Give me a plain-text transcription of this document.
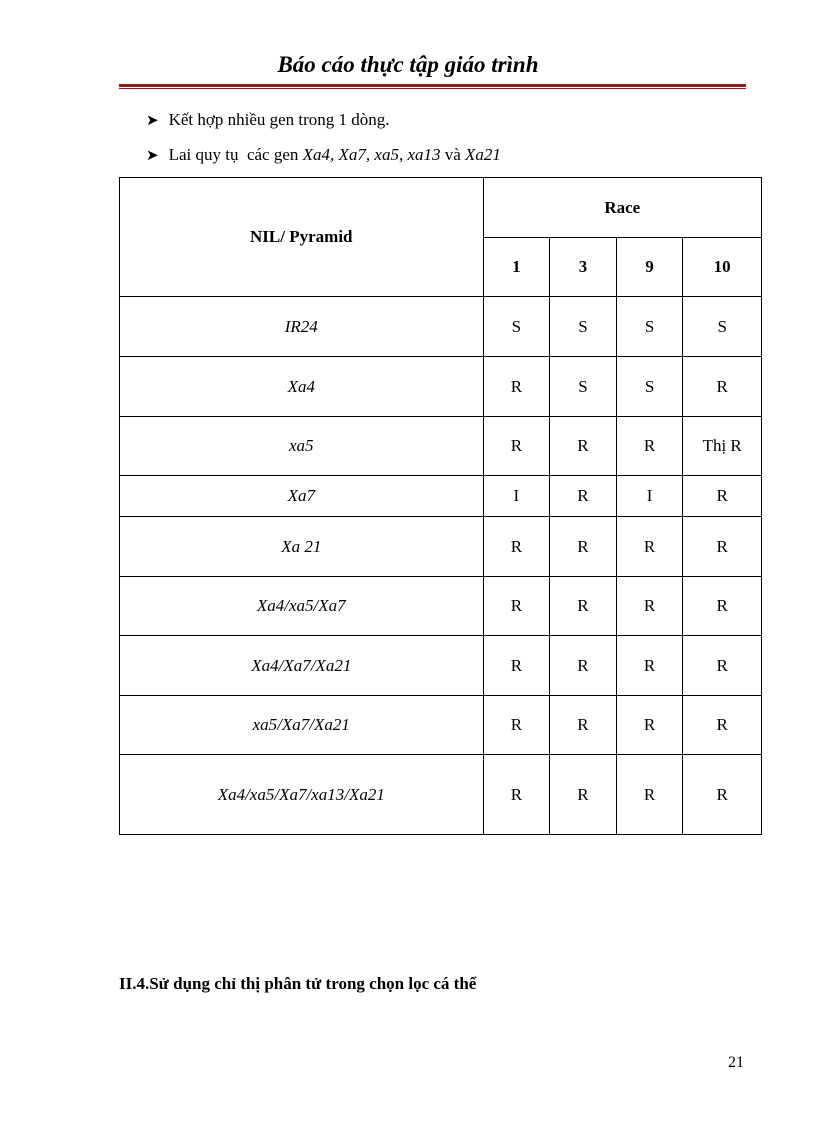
Báo cáo thực tập giáo trình
➤ Kết hợp nhiều gen trong 1 dòng.
➤ Lai quy tụ  các gen Xa4, Xa7, xa5, xa13 và Xa21
NIL/ Pyramid	Race			
	1	3	9	10
IR24	S	S	S	S
Xa4	R	S	S	R
xa5	R	R	R	Thị R
Xa7	I	R	I	R
Xa 21	R	R	R	R
Xa4/xa5/Xa7	R	R	R	R
Xa4/Xa7/Xa21	R	R	R	R
xa5/Xa7/Xa21	R	R	R	R
Xa4/xa5/Xa7/xa13/Xa21	R	R	R	R
II.4.Sử dụng chỉ thị phân tử trong chọn lọc cá thể
21
